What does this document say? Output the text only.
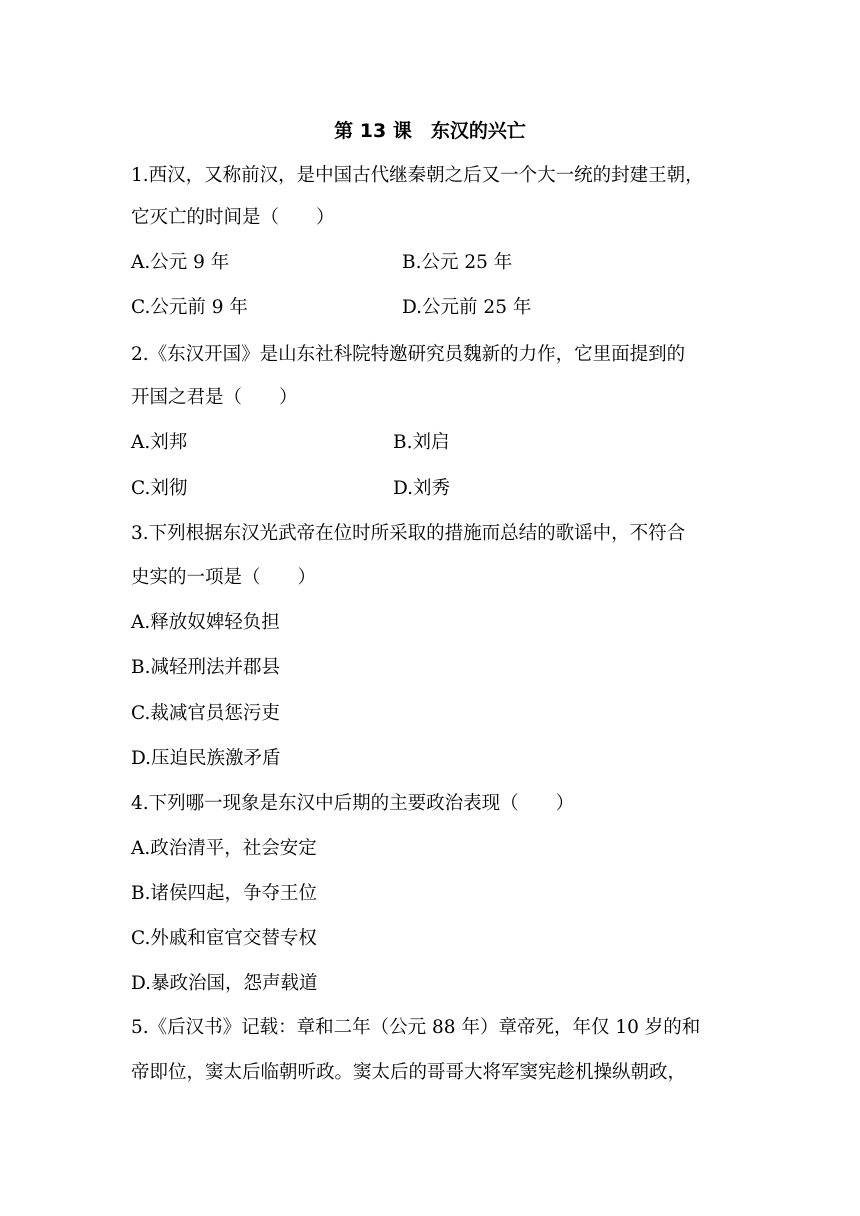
第 13 课　东汉的兴亡
1.西汉，又称前汉，是中国古代继秦朝之后又一个大一统的封建王朝，
它灭亡的时间是（　　）
A.公元 9 年	B.公元 25 年
C.公元前 9 年	D.公元前 25 年
2.《东汉开国》是山东社科院特邀研究员魏新的力作，它里面提到的
开国之君是（　　）
A.刘邦	B.刘启
C.刘彻	D.刘秀
3.下列根据东汉光武帝在位时所采取的措施而总结的歌谣中，不符合
史实的一项是（　　）
A.释放奴婢轻负担
B.减轻刑法并郡县
C.裁减官员惩污吏
D.压迫民族激矛盾
4.下列哪一现象是东汉中后期的主要政治表现（　　）
A.政治清平，社会安定
B.诸侯四起，争夺王位
C.外戚和宦官交替专权
D.暴政治国，怨声载道
5.《后汉书》记载：章和二年（公元 88 年）章帝死，年仅 10 岁的和
帝即位，窦太后临朝听政。窦太后的哥哥大将军窦宪趁机操纵朝政，
